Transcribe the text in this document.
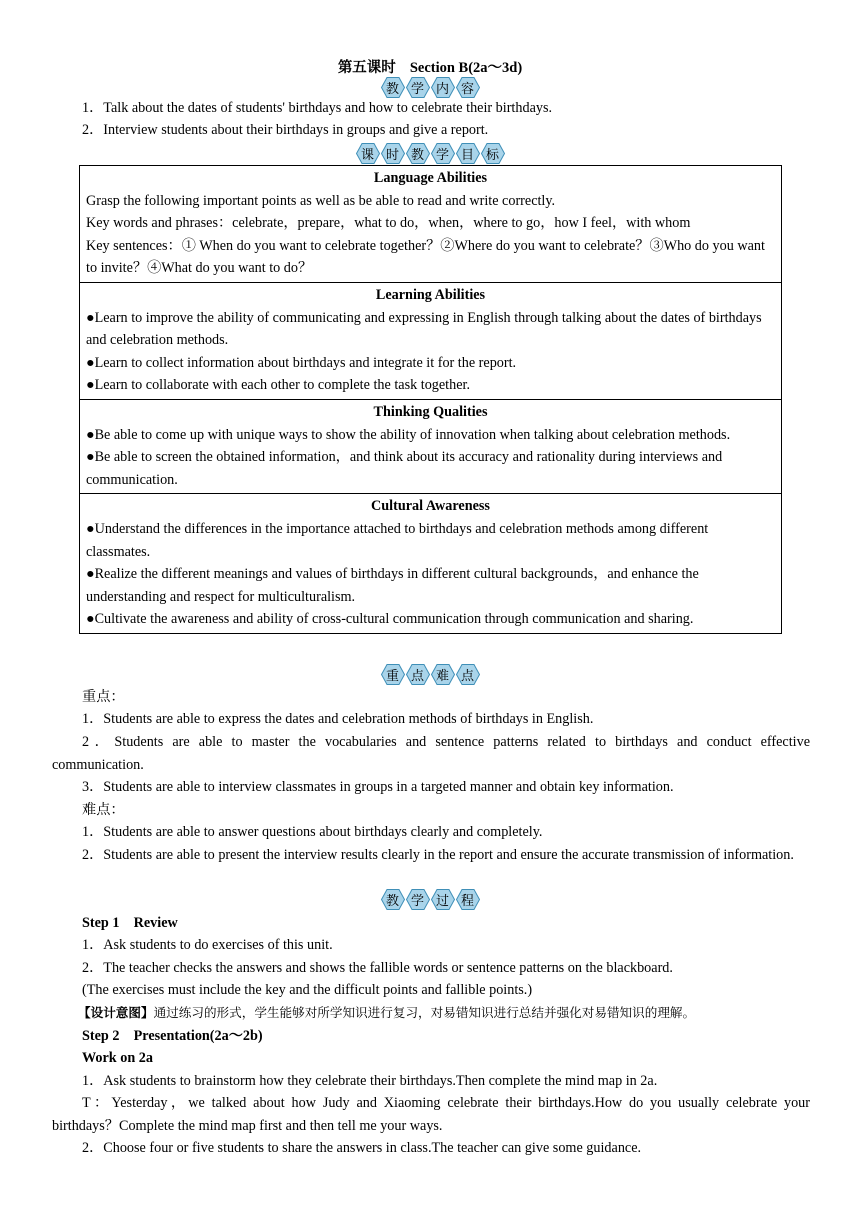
第五课时 Section B(2a～3d)
教 学 内 容
1．Talk about the dates of students' birthdays and how to celebrate their birthdays.
2．Interview students about their birthdays in groups and give a report.
课 时 教 学 目 标
Language Abilities
Grasp the following important points as well as be able to read and write correctly.
Key words and phrases：celebrate，prepare，what to do，when，where to go，how I feel，with whom
Key sentences：① When do you want to celebrate together？②Where do you want to celebrate？③Who do you want to invite？④What do you want to do？

Learning Abilities
●Learn to improve the ability of communicating and expressing in English through talking about the dates of birthdays and celebration methods.
●Learn to collect information about birthdays and integrate it for the report.
●Learn to collaborate with each other to complete the task together.

Thinking Qualities
●Be able to come up with unique ways to show the ability of innovation when talking about celebration methods.
●Be able to screen the obtained information，and think about its accuracy and rationality during interviews and communication.

Cultural Awareness
●Understand the differences in the importance attached to birthdays and celebration methods among different classmates.
●Realize the different meanings and values of birthdays in different cultural backgrounds，and enhance the understanding and respect for multiculturalism.
●Cultivate the awareness and ability of cross-cultural communication through communication and sharing.
重 点 难 点
重点：
1．Students are able to express the dates and celebration methods of birthdays in English.
2．Students are able to master the vocabularies and sentence patterns related to birthdays and conduct effective communication.
3．Students are able to interview classmates in groups in a targeted manner and obtain key information.
难点：
1．Students are able to answer questions about birthdays clearly and completely.
2．Students are able to present the interview results clearly in the report and ensure the accurate transmission of information.
教 学 过 程
Step 1　Review
1．Ask students to do exercises of this unit.
2．The teacher checks the answers and shows the fallible words or sentence patterns on the blackboard.
(The exercises must include the key and the difficult points and fallible points.)
【设计意图】通过练习的形式，学生能够对所学知识进行复习，对易错知识进行总结并强化对易错知识的理解。
Step 2　Presentation(2a～2b)
Work on 2a
1．Ask students to brainstorm how they celebrate their birthdays.Then complete the mind map in 2a.
T：Yesterday，we talked about how Judy and Xiaoming celebrate their birthdays.How do you usually celebrate your birthdays？Complete the mind map first and then tell me your ways.
2．Choose four or five students to share the answers in class.The teacher can give some guidance.
